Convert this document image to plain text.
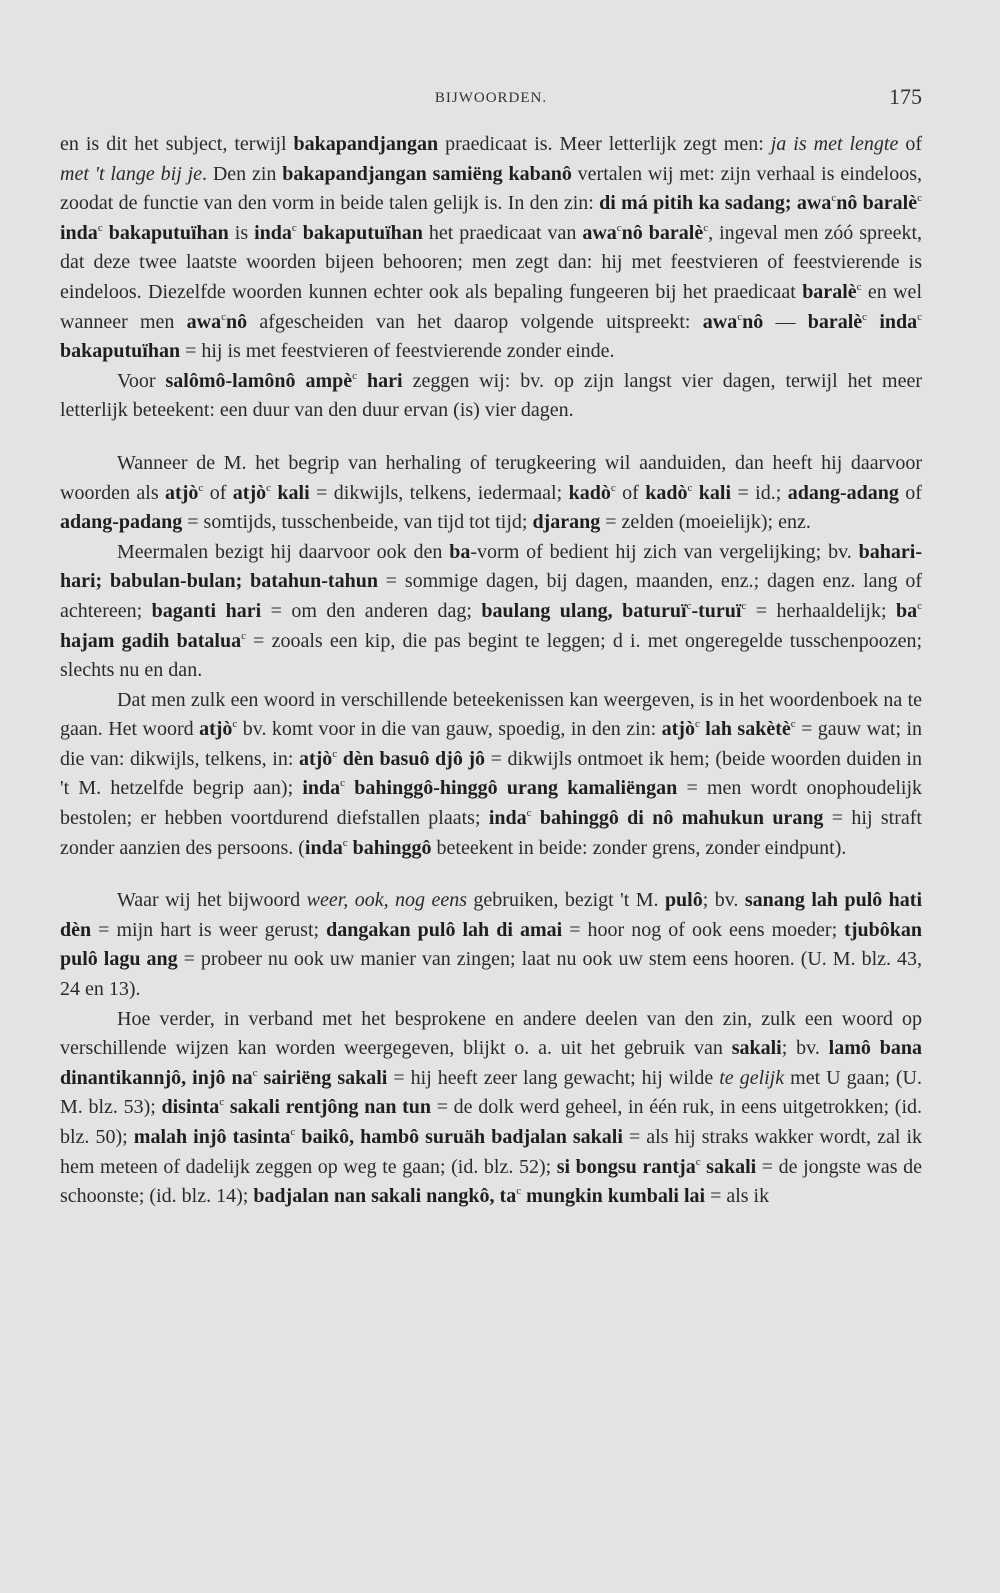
BIJWOORDEN.	175

en is dit het subject, terwijl bakapandjangan praedicaat is. Meer letterlijk zegt men: ja is met lengte of met 't lange bij je. Den zin bakapandjangan samiëng kabanô vertalen wij met: zijn verhaal is eindeloos, zoodat de functie van den vorm in beide talen gelijk is. In den zin: di má pitih ka sadang; awa$^c$nô baralè$^c$ inda$^c$ bakaputuïhan is inda$^c$ bakaputuïhan het praedicaat van awa$^c$nô baralè$^c$, ingeval men zóó spreekt, dat deze twee laatste woorden bijeen behooren; men zegt dan: hij met feestvieren of feestvierende is eindeloos. Diezelfde woorden kunnen echter ook als bepaling fungeeren bij het praedicaat baralè$^c$ en wel wanneer men awa$^c$nô afgescheiden van het daarop volgende uitspreekt: awa$^c$nô — baralè$^c$ inda$^c$ bakaputuïhan = hij is met feestvieren of feestvierende zonder einde.

Voor salômô-lamônô ampè$^c$ hari zeggen wij: bv. op zijn langst vier dagen, terwijl het meer letterlijk beteekent: een duur van den duur ervan (is) vier dagen.

Wanneer de M. het begrip van herhaling of terugkeering wil aanduiden, dan heeft hij daarvoor woorden als atjò$^c$ of atjò$^c$ kali = dikwijls, telkens, iedermaal; kadò$^c$ of kadò$^c$ kali = id.; adang-adang of adang-padang = somtijds, tusschenbeide, van tijd tot tijd; djarang = zelden (moeielijk); enz.

Meermalen bezigt hij daarvoor ook den ba-vorm of bedient hij zich van vergelijking; bv. bahari-hari; babulan-bulan; batahun-tahun = sommige dagen, bij dagen, maanden, enz.; dagen enz. lang of achtereen; baganti hari = om den anderen dag; baulang ulang, baturuï$^c$-turuï$^c$ = herhaaldelijk; $ba^c$ hajam gadih batalua$^c$ = zooals een kip, die pas begint te leggen; d i. met ongeregelde tusschenpoozen; slechts nu en dan.

Dat men zulk een woord in verschillende beteekenissen kan weergeven, is in het woordenboek na te gaan. Het woord atjò$^c$ bv. komt voor in die van gauw, spoedig, in den zin: atjò$^c$ lah sakètè$^c$ = gauw wat; in die van: dikwijls, telkens, in: atjò$^c$ dèn basuô djô jô = dikwijls ontmoet ik hem; (beide woorden duiden in 't M. hetzelfde begrip aan); inda$^c$ bahinggô-hinggô urang kamaliëngan = men wordt onophoudelijk bestolen; er hebben voortdurend diefstallen plaats; inda$^c$ bahinggô di nô mahukun urang = hij straft zonder aanzien des persoons. (inda$^c$ bahinggô beteekent in beide: zonder grens, zonder eindpunt).

Waar wij het bijwoord weer, ook, nog eens gebruiken, bezigt 't M. pulô; bv. sanang lah pulô hati dèn = mijn hart is weer gerust; dangakan pulô lah di amai = hoor nog of ook eens moeder; tjubôkan pulô lagu ang = probeer nu ook uw manier van zingen; laat nu ook uw stem eens hooren. (U. M. blz. 43, 24 en 13).

Hoe verder, in verband met het besprokene en andere deelen van den zin, zulk een woord op verschillende wijzen kan worden weergegeven, blijkt o. a. uit het gebruik van sakali; bv. lamô bana dinantikannjô, injô $na^c$ sairiëng sakali = hij heeft zeer lang gewacht; hij wilde te gelijk met U gaan; (U. M. blz. 53); disinta$^c$ sakali rentjông nan tun = de dolk werd geheel, in één ruk, in eens uitgetrokken; (id. blz. 50); malah injô tasinta$^c$ baikô, hambô suruäh badjalan sakali = als hij straks wakker wordt, zal ik hem meteen of dadelijk zeggen op weg te gaan; (id. blz. 52); si bongsu rantja$^c$ sakali = de jongste was de schoonste; (id. blz. 14); badjalan nan sakali nangkô, $ta^c$ mungkin kumbali lai = als ik
